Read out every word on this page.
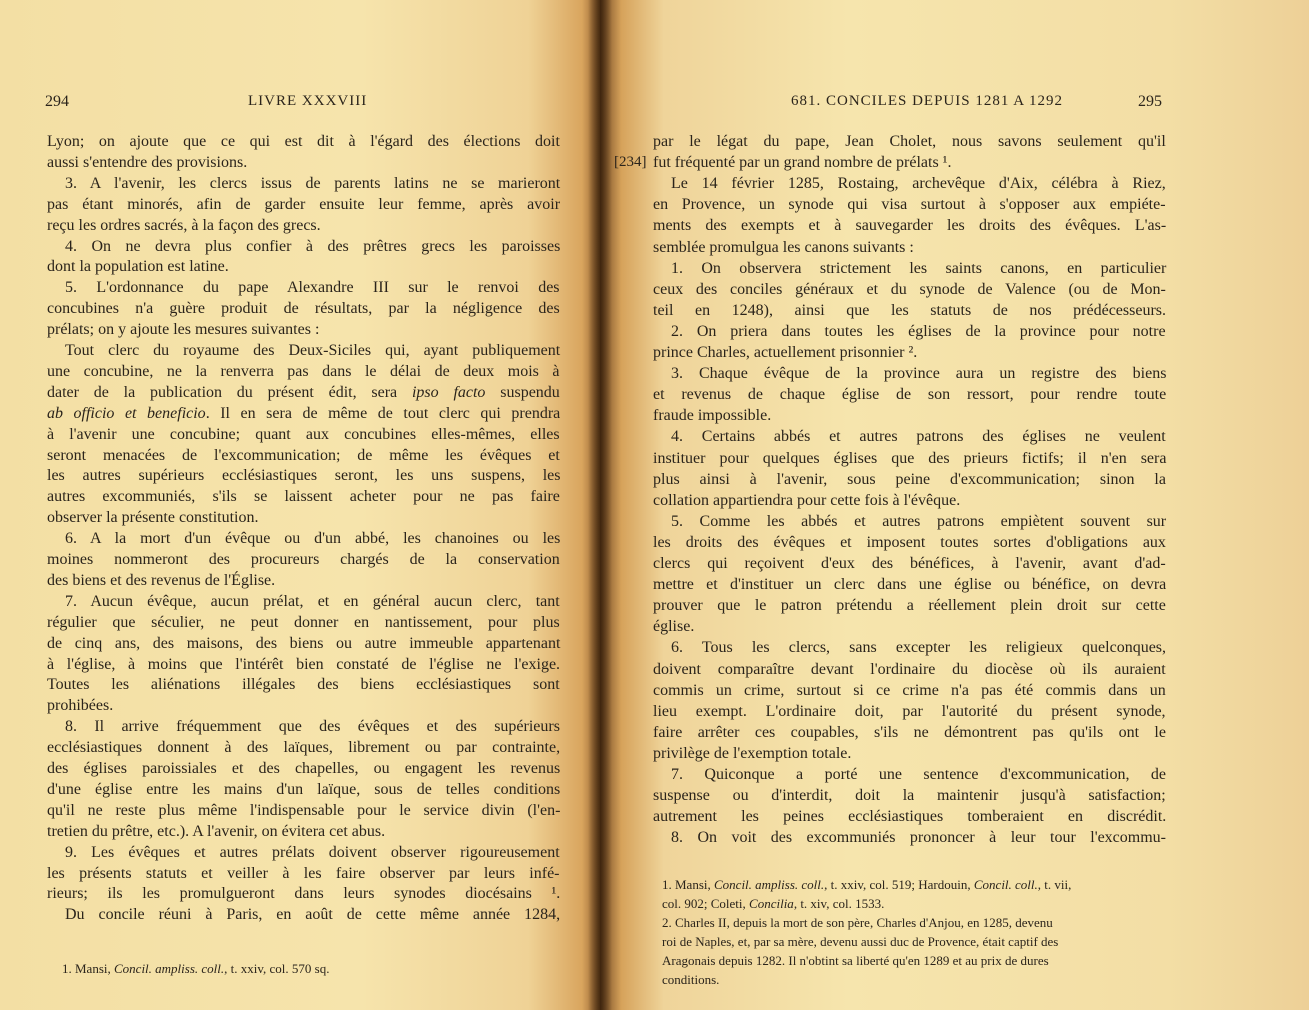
294	LIVRE XXXVIII
Lyon; on ajoute que ce qui est dit à l'égard des élections doit
aussi s'entendre des provisions.
3. A l'avenir, les clercs issus de parents latins ne se marieront
pas étant minorés, afin de garder ensuite leur femme, après avoir
reçu les ordres sacrés, à la façon des grecs.
4. On ne devra plus confier à des prêtres grecs les paroisses
dont la population est latine.
5. L'ordonnance du pape Alexandre III sur le renvoi des
concubines n'a guère produit de résultats, par la négligence des
prélats; on y ajoute les mesures suivantes :
Tout clerc du royaume des Deux-Siciles qui, ayant publiquement
une concubine, ne la renverra pas dans le délai de deux mois à
dater de la publication du présent édit, sera ipso facto suspendu
ab officio et beneficio. Il en sera de même de tout clerc qui prendra
à l'avenir une concubine; quant aux concubines elles-mêmes, elles
seront menacées de l'excommunication; de même les évêques et
les autres supérieurs ecclésiastiques seront, les uns suspens, les
autres excommuniés, s'ils se laissent acheter pour ne pas faire
observer la présente constitution.
6. A la mort d'un évêque ou d'un abbé, les chanoines ou les
moines nommeront des procureurs chargés de la conservation
des biens et des revenus de l'Église.
7. Aucun évêque, aucun prélat, et en général aucun clerc, tant
régulier que séculier, ne peut donner en nantissement, pour plus
de cinq ans, des maisons, des biens ou autre immeuble appartenant
à l'église, à moins que l'intérêt bien constaté de l'église ne l'exige.
Toutes les aliénations illégales des biens ecclésiastiques sont
prohibées.
8. Il arrive fréquemment que des évêques et des supérieurs
ecclésiastiques donnent à des laïques, librement ou par contrainte,
des églises paroissiales et des chapelles, ou engagent les revenus
d'une église entre les mains d'un laïque, sous de telles conditions
qu'il ne reste plus même l'indispensable pour le service divin (l'en-
tretien du prêtre, etc.). A l'avenir, on évitera cet abus.
9. Les évêques et autres prélats doivent observer rigoureusement
les présents statuts et veiller à les faire observer par leurs infé-
rieurs; ils les promulgueront dans leurs synodes diocésains ¹.
Du concile réuni à Paris, en août de cette même année 1284,
1. Mansi, Concil. ampliss. coll., t. xxiv, col. 570 sq.
681. CONCILES DEPUIS 1281 A 1292	295
par le légat du pape, Jean Cholet, nous savons seulement qu'il
fut fréquenté par un grand nombre de prélats ¹.
Le 14 février 1285, Rostaing, archevêque d'Aix, célébra à Riez,
en Provence, un synode qui visa surtout à s'opposer aux empiéte-
ments des exempts et à sauvegarder les droits des évêques. L'as-
semblée promulgua les canons suivants :
1. On observera strictement les saints canons, en particulier
ceux des conciles généraux et du synode de Valence (ou de Mon-
teil en 1248), ainsi que les statuts de nos prédécesseurs.
2. On priera dans toutes les églises de la province pour notre
prince Charles, actuellement prisonnier ².
3. Chaque évêque de la province aura un registre des biens
et revenus de chaque église de son ressort, pour rendre toute
fraude impossible.
4. Certains abbés et autres patrons des églises ne veulent
instituer pour quelques églises que des prieurs fictifs; il n'en sera
plus ainsi à l'avenir, sous peine d'excommunication; sinon la
collation appartiendra pour cette fois à l'évêque.
5. Comme les abbés et autres patrons empiètent souvent sur
les droits des évêques et imposent toutes sortes d'obligations aux
clercs qui reçoivent d'eux des bénéfices, à l'avenir, avant d'ad-
mettre et d'instituer un clerc dans une église ou bénéfice, on devra
prouver que le patron prétendu a réellement plein droit sur cette
église.
6. Tous les clercs, sans excepter les religieux quelconques,
doivent comparaître devant l'ordinaire du diocèse où ils auraient
commis un crime, surtout si ce crime n'a pas été commis dans un
lieu exempt. L'ordinaire doit, par l'autorité du présent synode,
faire arrêter ces coupables, s'ils ne démontrent pas qu'ils ont le
privilège de l'exemption totale.
7. Quiconque a porté une sentence d'excommunication, de
suspense ou d'interdit, doit la maintenir jusqu'à satisfaction;
autrement les peines ecclésiastiques tomberaient en discrédit.
8. On voit des excommuniés prononcer à leur tour l'excommu-
1. Mansi, Concil. ampliss. coll., t. xxiv, col. 519; Hardouin, Concil. coll., t. vii,
col. 902; Coleti, Concilia, t. xiv, col. 1533.
2. Charles II, depuis la mort de son père, Charles d'Anjou, en 1285, devenu
roi de Naples, et, par sa mère, devenu aussi duc de Provence, était captif des
Aragonais depuis 1282. Il n'obtint sa liberté qu'en 1289 et au prix de dures
conditions.
[234]
